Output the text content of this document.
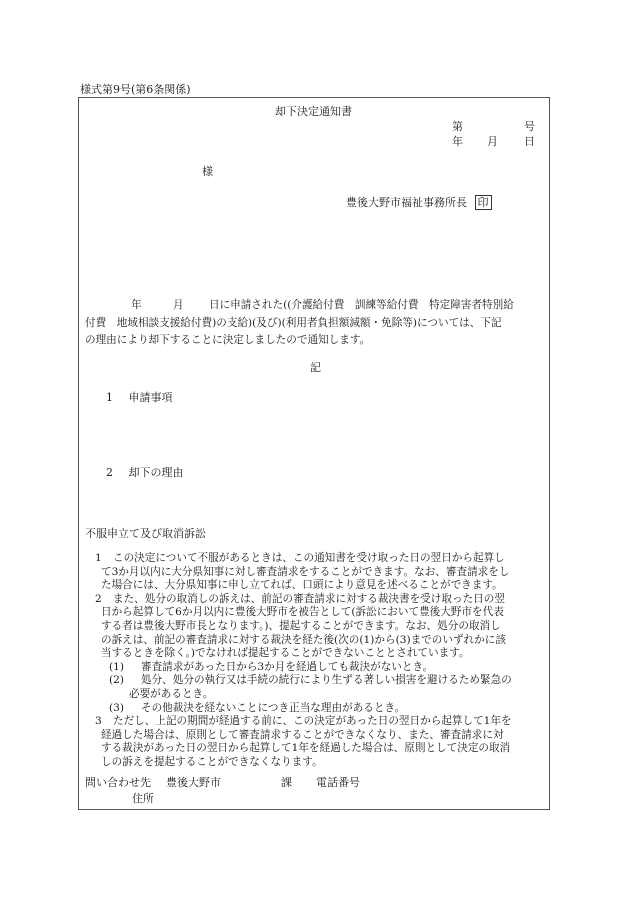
様式第9号(第6条関係)
却下決定通知書
第	号
年 月 日
様
豊後大野市福祉事務所長 印
年	月 日に申請された((介護給付費　訓練等給付費　特定障害者特別給
付費　地域相談支援給付費)の支給)(及び)(利用者負担額減額・免除等)については、下記
の理由により却下することに決定しましたので通知します。
記
1 申請事項
2 却下の理由
不服申立て及び取消訴訟
1	この決定について不服があるときは、この通知書を受け取った日の翌日から起算し
て3か月以内に大分県知事に対し審査請求をすることができます。なお、審査請求をし
た場合には、大分県知事に申し立てれば、口頭により意見を述べることができます。
2	また、処分の取消しの訴えは、前記の審査請求に対する裁決書を受け取った日の翌
日から起算して6か月以内に豊後大野市を被告として(訴訟において豊後大野市を代表
する者は豊後大野市長となります。)、提起することができます。なお、処分の取消し
の訴えは、前記の審査請求に対する裁決を経た後(次の(1)から(3)までのいずれかに該
当するときを除く。)でなければ提起することができないこととされています。
(1)	審査請求があった日から3か月を経過しても裁決がないとき。
(2)	処分、処分の執行又は手続の続行により生ずる著しい損害を避けるため緊急の
必要があるとき。
(3)	その他裁決を経ないことにつき正当な理由があるとき。
3	ただし、上記の期間が経過する前に、この決定があった日の翌日から起算して1年を
経過した場合は、原則として審査請求することができなくなり、また、審査請求に対
する裁決があった日の翌日から起算して1年を経過した場合は、原則として決定の取消
しの訴えを提起することができなくなります。
問い合わせ先 豊後大野市	課 電話番号
住所
